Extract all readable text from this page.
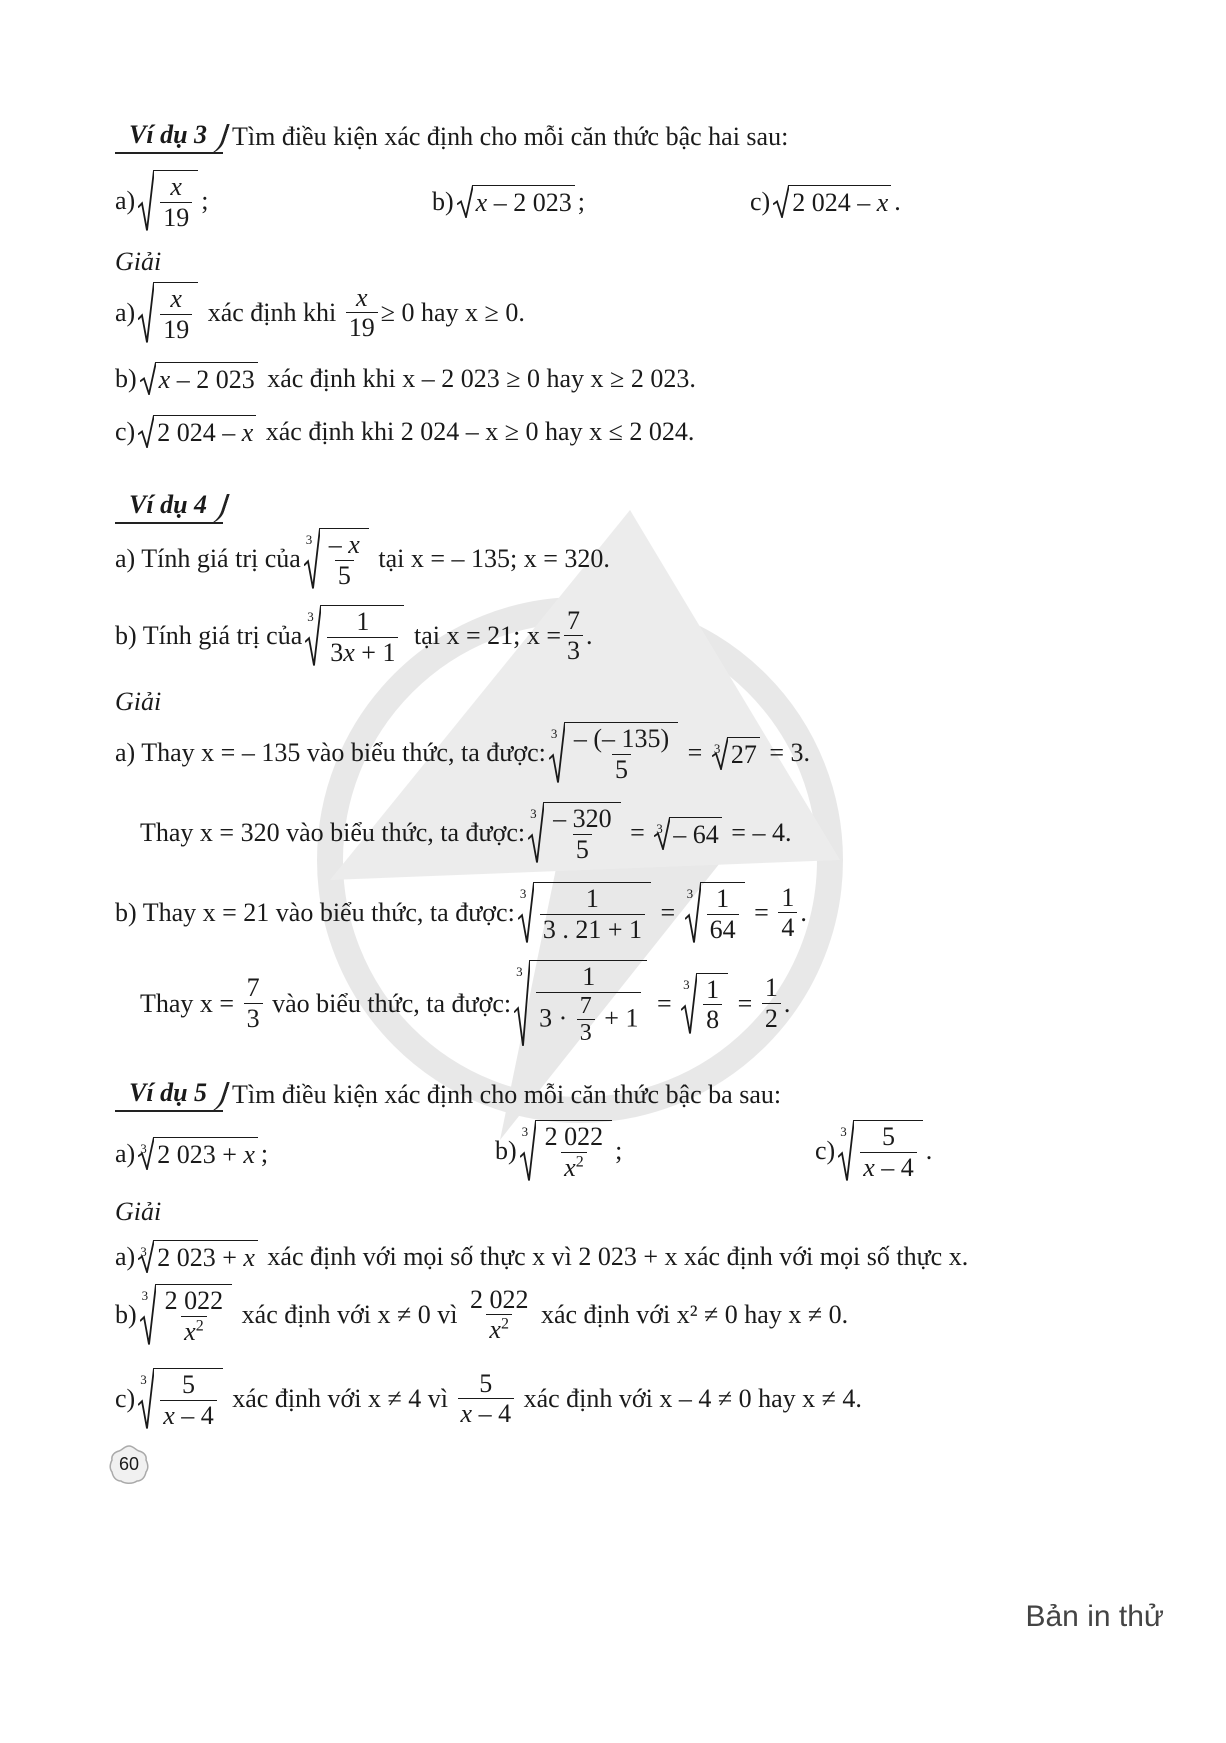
Ví dụ 3 Tìm điều kiện xác định cho mỗi căn thức bậc hai sau:
$a) \frac{x}{19}$ ;	b) x – 2 023 ;	c) 2 024 – x .
Giải
$a) \frac{x}{19}$
xác định khi
$\frac{x}{19} \ge 0$ hay x ≥ 0.
b) x – 2 023
xác định khi x – 2 023 ≥ 0 hay x ≥ 2 023.
c) 2 024 – x
xác định khi 2 024 – x ≥ 0 hay x ≤ 2 024.
Ví dụ 4
a) Tính giá trị của
$3 \frac{- x}{5}$
tại x = – 135; x = 320.
b) Tính giá trị của
$3 \frac{1}{3x + 1}$
tại x = 21; $x = \frac{7}{3}$ .
Giải
a) Thay x = – 135 vào biểu thức, ta được:
$3 \frac{- (- 135)}{5} = 3$ 27
= 3.
Thay x = 320 vào biểu thức, ta được:
$3 \frac{- 320}{5} = 3 - 64$
= – 4.
b) Thay x = 21 vào biểu thức, ta được:
$3 \frac{1}{3 . 21 + 1}$ =
$3 \frac{1}{64} = \frac{1}{4}$ .
Thay x =
$\frac{7}{3}$
vào biểu thức, ta được:
$3 \frac{1}{3 \cdot \frac{7}{3} + 1}$ =
$3 \frac{1}{8} = \frac{1}{2}$ .
Ví dụ 5 Tìm điều kiện xác định cho mỗi căn thức bậc ba sau:
a) 3 2 023 + x ;	b)
$3 \frac{2 022}{x^2}$ ;	c)
$3 \frac{5}{x - 4}$ .
Giải
a) 3 2 023 + x
xác định với mọi số thực x vì 2 023 + x xác định với mọi số thực x.
b)
$3 \frac{2 022}{x^2}$
xác định với x ≠ 0 vì
$\frac{2 022}{x^2}$
xác định với x² ≠ 0 hay x ≠ 0.
c)
$3 \frac{5}{x - 4}$
xác định với x ≠ 4 vì
$\frac{5}{x - 4}$
xác định với x – 4 ≠ 0 hay x ≠ 4.
60
Bản in thử
